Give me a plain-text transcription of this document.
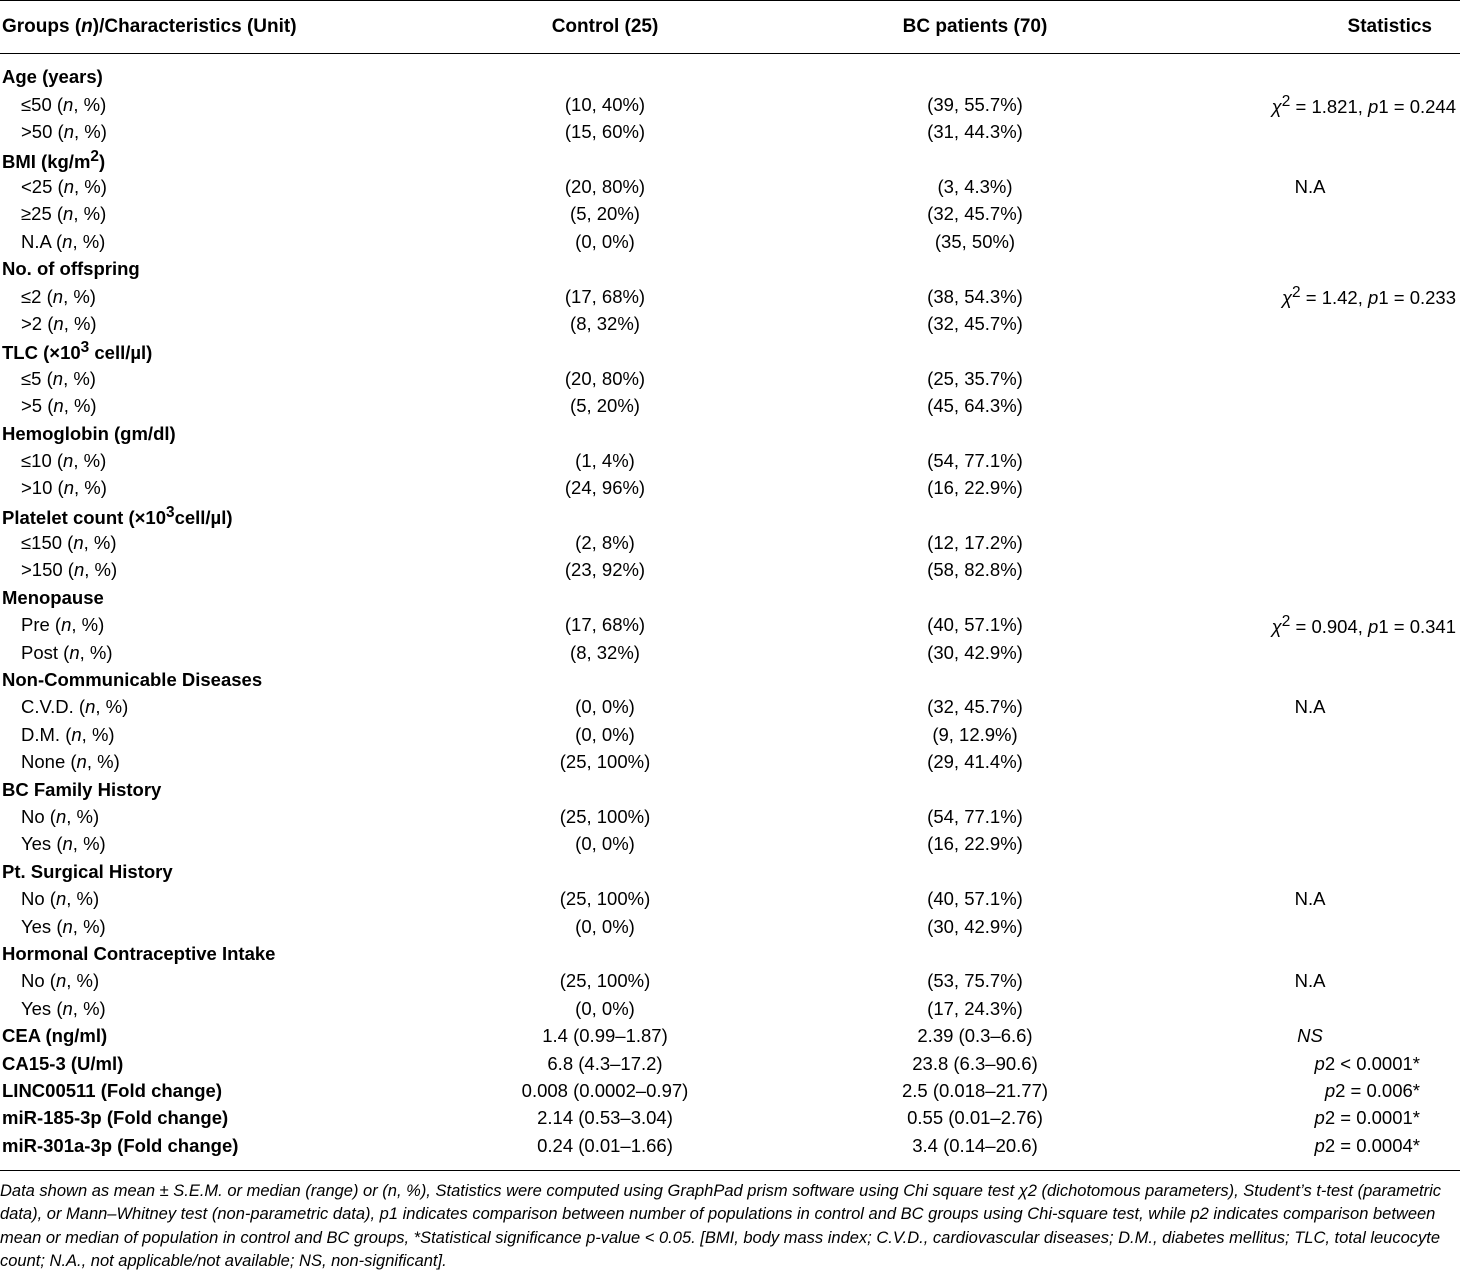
Groups (n)/Characteristics (Unit)	Control (25)	BC patients (70)	Statistics
Age (years)			
≤50 (n, %)	(10, 40%)	(39, 55.7%)	$\chi^2 = 1.821$, p1 = 0.244
>50 (n, %)	(15, 60%)	(31, 44.3%)	
BMI $(kg/m^2)$			
<25 (n, %)	(20, 80%)	(3, 4.3%)	N.A
≥25 (n, %)	(5, 20%)	(32, 45.7%)	
N.A (n, %)	(0, 0%)	(35, 50%)	
No. of offspring			
≤2 (n, %)	(17, 68%)	(38, 54.3%)	$\chi^2 = 1.42$, p1 = 0.233
>2 (n, %)	(8, 32%)	(32, 45.7%)	
TLC ($\times 10^3$ cell/µl)			
≤5 (n, %)	(20, 80%)	(25, 35.7%)	
>5 (n, %)	(5, 20%)	(45, 64.3%)	
Hemoglobin (gm/dl)			
≤10 (n, %)	(1, 4%)	(54, 77.1%)	
>10 (n, %)	(24, 96%)	(16, 22.9%)	
Platelet count $(\times 10^3cell/\mu l)$			
≤150 (n, %)	(2, 8%)	(12, 17.2%)	
>150 (n, %)	(23, 92%)	(58, 82.8%)	
Menopause			
Pre (n, %)	(17, 68%)	(40, 57.1%)	$\chi^2 = 0.904$, p1 = 0.341
Post (n, %)	(8, 32%)	(30, 42.9%)	
Non-Communicable Diseases			
C.V.D. (n, %)	(0, 0%)	(32, 45.7%)	N.A
D.M. (n, %)	(0, 0%)	(9, 12.9%)	
None (n, %)	(25, 100%)	(29, 41.4%)	
BC Family History			
No (n, %)	(25, 100%)	(54, 77.1%)	
Yes (n, %)	(0, 0%)	(16, 22.9%)	
Pt. Surgical History			
No (n, %)	(25, 100%)	(40, 57.1%)	N.A
Yes (n, %)	(0, 0%)	(30, 42.9%)	
Hormonal Contraceptive Intake			
No (n, %)	(25, 100%)	(53, 75.7%)	N.A
Yes (n, %)	(0, 0%)	(17, 24.3%)	
CEA (ng/ml)	1.4 (0.99–1.87)	2.39 (0.3–6.6)	NS
CA15-3 (U/ml)	6.8 (4.3–17.2)	23.8 (6.3–90.6)	p2 < 0.0001*
LINC00511 (Fold change)	0.008 (0.0002–0.97)	2.5 (0.018–21.77)	p2 = 0.006*
miR-185-3p (Fold change)	2.14 (0.53–3.04)	0.55 (0.01–2.76)	p2 = 0.0001*
miR-301a-3p (Fold change)	0.24 (0.01–1.66)	3.4 (0.14–20.6)	p2 = 0.0004*

Data shown as mean ± S.E.M. or median (range) or (n, %), Statistics were computed using GraphPad prism software using Chi square test χ2 (dichotomous parameters), Student’s t-test (parametric data), or Mann–Whitney test (non-parametric data), p1 indicates comparison between number of populations in control and BC groups using Chi-square test, while p2 indicates comparison between mean or median of population in control and BC groups, *Statistical significance p-value < 0.05. [BMI, body mass index; C.V.D., cardiovascular diseases; D.M., diabetes mellitus; TLC, total leucocyte count; N.A., not applicable/not available; NS, non-significant].
